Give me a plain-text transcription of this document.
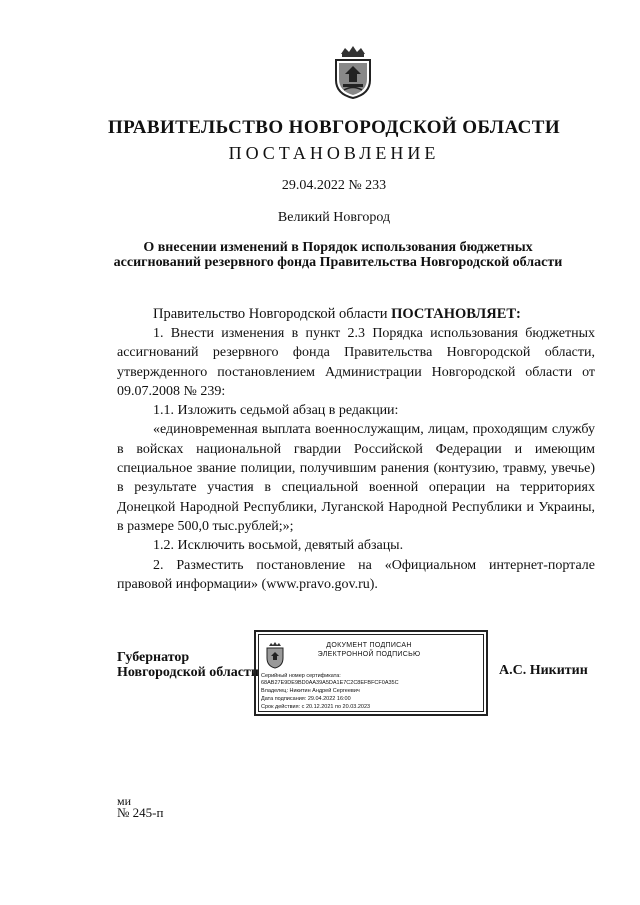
ПРАВИТЕЛЬСТВО НОВГОРОДСКОЙ ОБЛАСТИ
ПОСТАНОВЛЕНИЕ
29.04.2022 № 233
Великий Новгород
О внесении изменений в Порядок использования бюджетных
ассигнований резервного фонда Правительства Новгородской области
Правительство Новгородской области ПОСТАНОВЛЯЕТ:

1. Внести изменения в пункт 2.3 Порядка использования бюджетных ассигнований резервного фонда Правительства Новгородской области, утвержденного постановлением Администрации Новгородской области от 09.07.2008 № 239:

1.1. Изложить седьмой абзац в редакции:

«единовременная выплата военнослужащим, лицам, проходящим службу в войсках национальной гвардии Российской Федерации и имеющим специальное звание полиции, получившим ранения (контузию, травму, увечье) в результате участия в специальной военной операции на территориях Донецкой Народной Республики, Луганской Народной Республики и Украины, в размере 500,0 тыс.рублей;»;

1.2. Исключить восьмой, девятый абзацы.

2. Разместить постановление на «Официальном интернет-портале правовой информации» (www.pravo.gov.ru).

Губернатор
Новгородской области
ДОКУМЕНТ ПОДПИСАН
ЭЛЕКТРОННОЙ ПОДПИСЬЮ
Серийный номер сертификата:
68AB27E9DE9BD0AA39A5DA1E7C2C8EFBFCF0A35C
Владелец: Никитин Андрей Сергеевич
Дата подписания: 29.04.2022 16:00
Срок действия: с 20.12.2021 по 20.03.2023
А.С. Никитин
ми
№ 245-п
